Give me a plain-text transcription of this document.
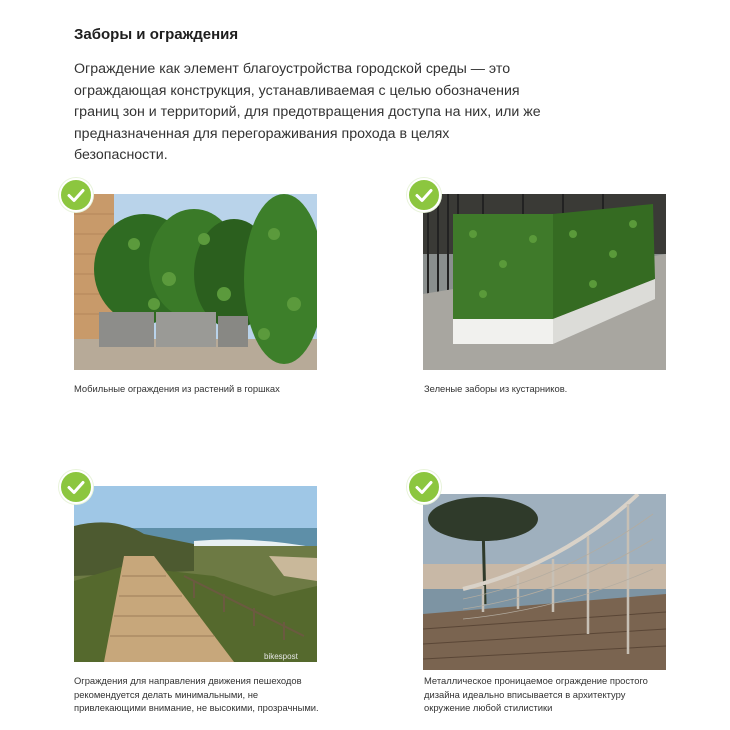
Заборы и ограждения
Ограждение как элемент благоустройства городской среды — это ограждающая конструкция, устанавливаемая с целью обозначения границ зон и территорий, для предотвращения доступа на них, или же предназначенная для перегораживания прохода в целях безопасности.
Мобильные ограждения из растений в горшках	Зеленые заборы из кустарников.
bikespost
Ограждения для направления движения пешеходов рекомендуется делать минимальными, не привлекающими внимание, не высокими, прозрачными.
Металлическое проницаемое ограждение простого дизайна идеально вписывается в архитектуру окружение любой стилистики
